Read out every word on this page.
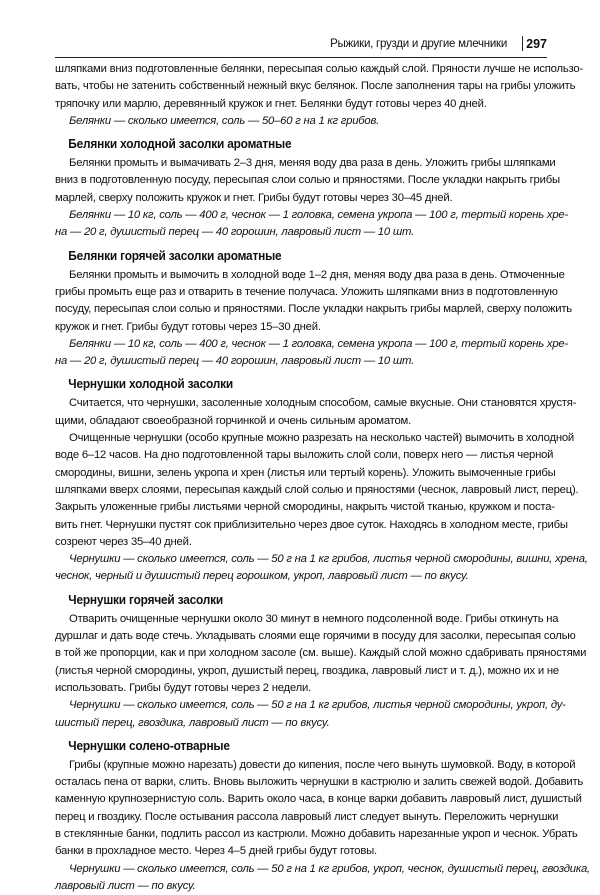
Рыжики, грузди и другие млечники 297
шляпками вниз подготовленные белянки, пересыпая солью каждый слой. Пряности лучше не использо-
вать, чтобы не затенить собственный нежный вкус белянок. После заполнения тары на грибы уложить
тряпочку или марлю, деревянный кружок и гнет. Белянки будут готовы через 40 дней.
Белянки — сколько имеется, соль — 50–60 г на 1 кг грибов.
Белянки холодной засолки ароматные
Белянки промыть и вымачивать 2–3 дня, меняя воду два раза в день. Уложить грибы шляпками
вниз в подготовленную посуду, пересыпая слои солью и пряностями. После укладки накрыть грибы
марлей, сверху положить кружок и гнет. Грибы будут готовы через 30–45 дней.
Белянки — 10 кг, соль — 400 г, чеснок — 1 головка, семена укропа — 100 г, тертый корень хре-
на — 20 г, душистый перец — 40 горошин, лавровый лист — 10 шт.
Белянки горячей засолки ароматные
Белянки промыть и вымочить в холодной воде 1–2 дня, меняя воду два раза в день. Отмоченные
грибы промыть еще раз и отварить в течение получаса. Уложить шляпками вниз в подготовленную
посуду, пересыпая слои солью и пряностями. После укладки накрыть грибы марлей, сверху положить
кружок и гнет. Грибы будут готовы через 15–30 дней.
Белянки — 10 кг, соль — 400 г, чеснок — 1 головка, семена укропа — 100 г, тертый корень хре-
на — 20 г, душистый перец — 40 горошин, лавровый лист — 10 шт.
Чернушки холодной засолки
Считается, что чернушки, засоленные холодным способом, самые вкусные. Они становятся хрустя-
щими, обладают своеобразной горчинкой и очень сильным ароматом.
Очищенные чернушки (особо крупные можно разрезать на несколько частей) вымочить в холодной
воде 6–12 часов. На дно подготовленной тары выложить слой соли, поверх него — листья черной
смородины, вишни, зелень укропа и хрен (листья или тертый корень). Уложить вымоченные грибы
шляпками вверх слоями, пересыпая каждый слой солью и пряностями (чеснок, лавровый лист, перец).
Закрыть уложенные грибы листьями черной смородины, накрыть чистой тканью, кружком и поста-
вить гнет. Чернушки пустят сок приблизительно через двое суток. Находясь в холодном месте, грибы
созреют через 35–40 дней.
Чернушки — сколько имеется, соль — 50 г на 1 кг грибов, листья черной смородины, вишни, хрена,
чеснок, черный и душистый перец горошком, укроп, лавровый лист — по вкусу.
Чернушки горячей засолки
Отварить очищенные чернушки около 30 минут в немного подсоленной воде. Грибы откинуть на
дуршлаг и дать воде стечь. Укладывать слоями еще горячими в посуду для засолки, пересыпая солью
в той же пропорции, как и при холодном засоле (см. выше). Каждый слой можно сдабривать пряностями
(листья черной смородины, укроп, душистый перец, гвоздика, лавровый лист и т. д.), можно их и не
использовать. Грибы будут готовы через 2 недели.
Чернушки — сколько имеется, соль — 50 г на 1 кг грибов, листья черной смородины, укроп, ду-
шистый перец, гвоздика, лавровый лист — по вкусу.
Чернушки солено-отварные
Грибы (крупные можно нарезать) довести до кипения, после чего вынуть шумовкой. Воду, в которой
осталась пена от варки, слить. Вновь выложить чернушки в кастрюлю и залить свежей водой. Добавить
каменную крупнозернистую соль. Варить около часа, в конце варки добавить лавровый лист, душистый
перец и гвоздику. После остывания рассола лавровый лист следует вынуть. Переложить чернушки
в стеклянные банки, подлить рассол из кастрюли. Можно добавить нарезанные укроп и чеснок. Убрать
банки в прохладное место. Через 4–5 дней грибы будут готовы.
Чернушки — сколько имеется, соль — 50 г на 1 кг грибов, укроп, чеснок, душистый перец, гвоздика,
лавровый лист — по вкусу.
